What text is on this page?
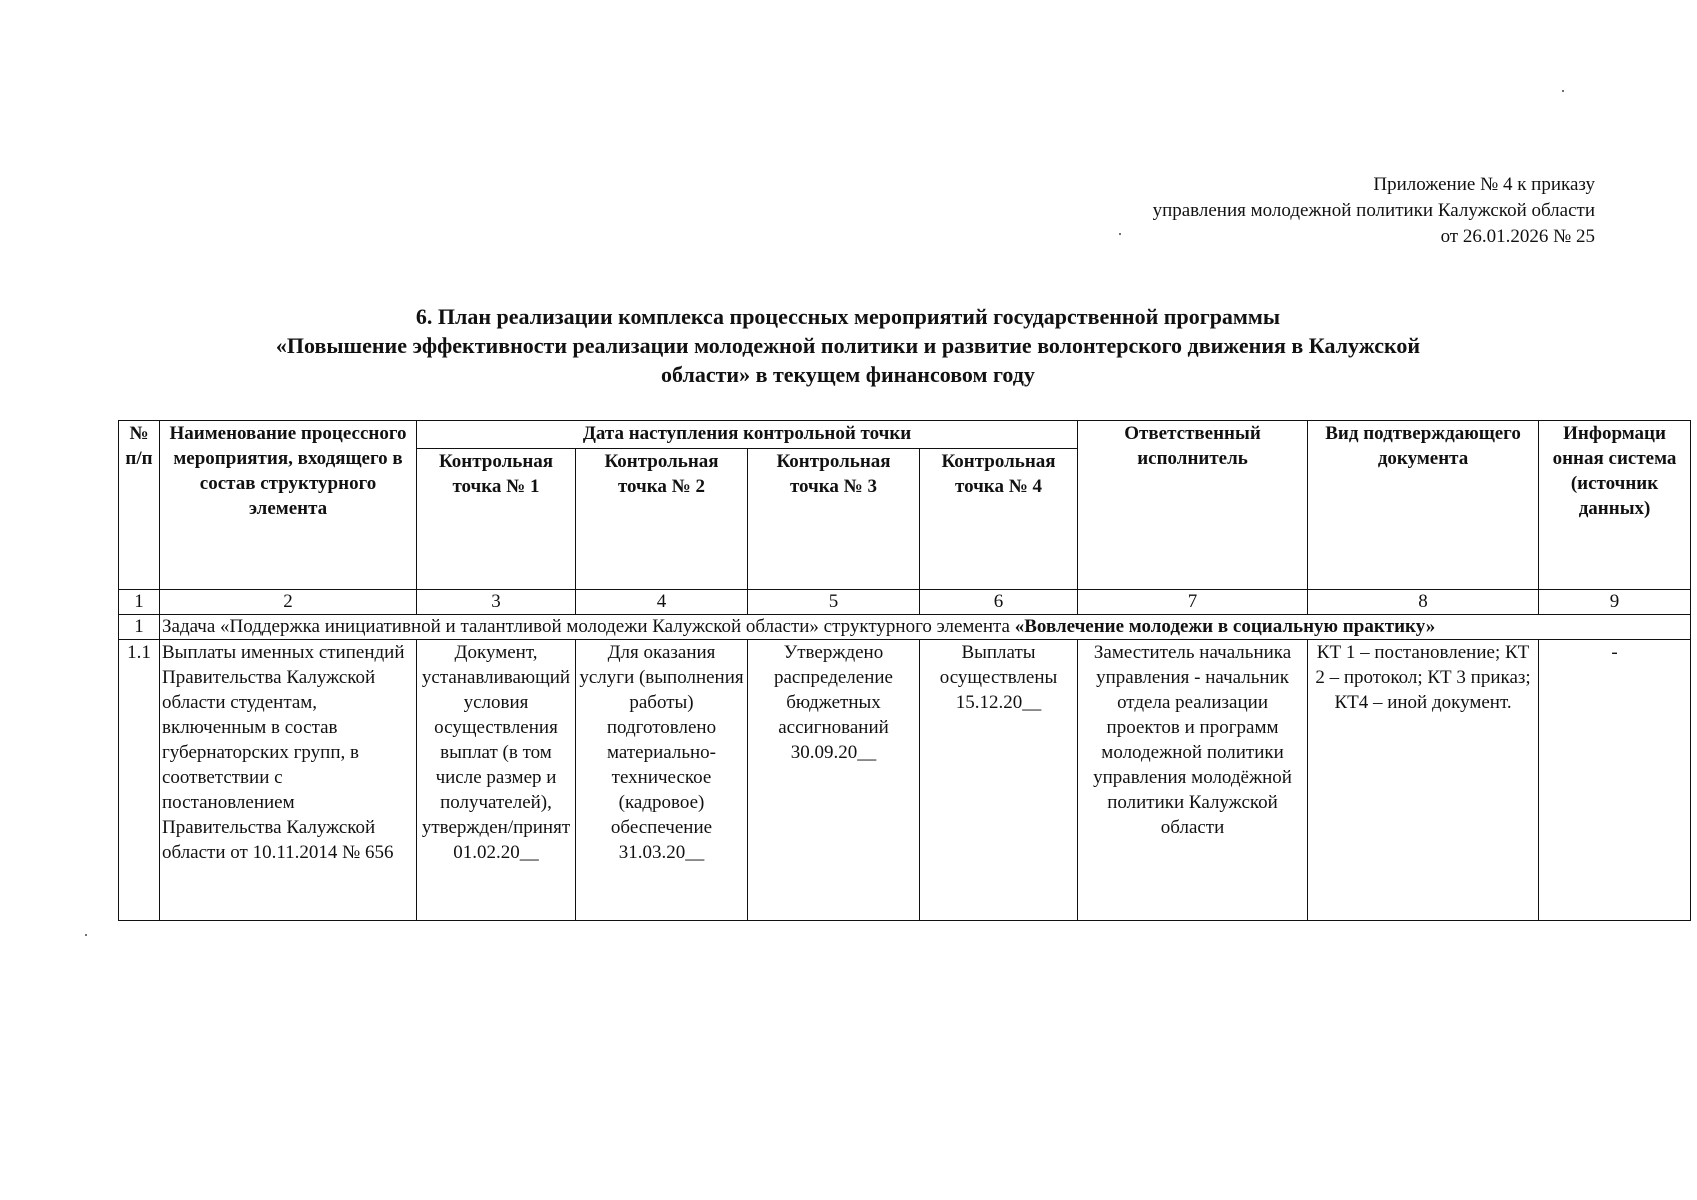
Приложение № 4 к приказу
управления молодежной политики Калужской области
от 26.01.2026 № 25
6. План реализации комплекса процессных мероприятий государственной программы
«Повышение эффективности реализации молодежной политики и развитие волонтерского движения в Калужской
области» в текущем финансовом году
№ п/п	Наименование процессного мероприятия, входящего в состав структурного элемента	Дата наступления контрольной точки				Ответственный исполнитель	Вид подтверждающего документа	Информаци онная система (источник данных)
		Контрольная точка № 1	Контрольная точка № 2	Контрольная точка № 3	Контрольная точка № 4			
1	2	3	4	5	6	7	8	9
1	Задача «Поддержка инициативной и талантливой молодежи Калужской области» структурного элемента «Вовлечение молодежи в социальную практику»							
1.1	Выплаты именных стипендий Правительства Калужской области студентам, включенным в состав губернаторских групп, в соответствии с постановлением Правительства Калужской области от 10.11.2014 № 656	Документ, устанавливающий условия осуществления выплат (в том числе размер и получателей), утвержден/принят 01.02.20__	Для оказания услуги (выполнения работы) подготовлено материально-техническое (кадровое) обеспечение 31.03.20__	Утверждено распределение бюджетных ассигнований 30.09.20__	Выплаты осуществлены 15.12.20__	Заместитель начальника управления - начальник отдела реализации проектов и программ молодежной политики управления молодёжной политики Калужской области	КТ 1 – постановление; КТ 2 – протокол; КТ 3 приказ; КТ4 – иной документ.	-
